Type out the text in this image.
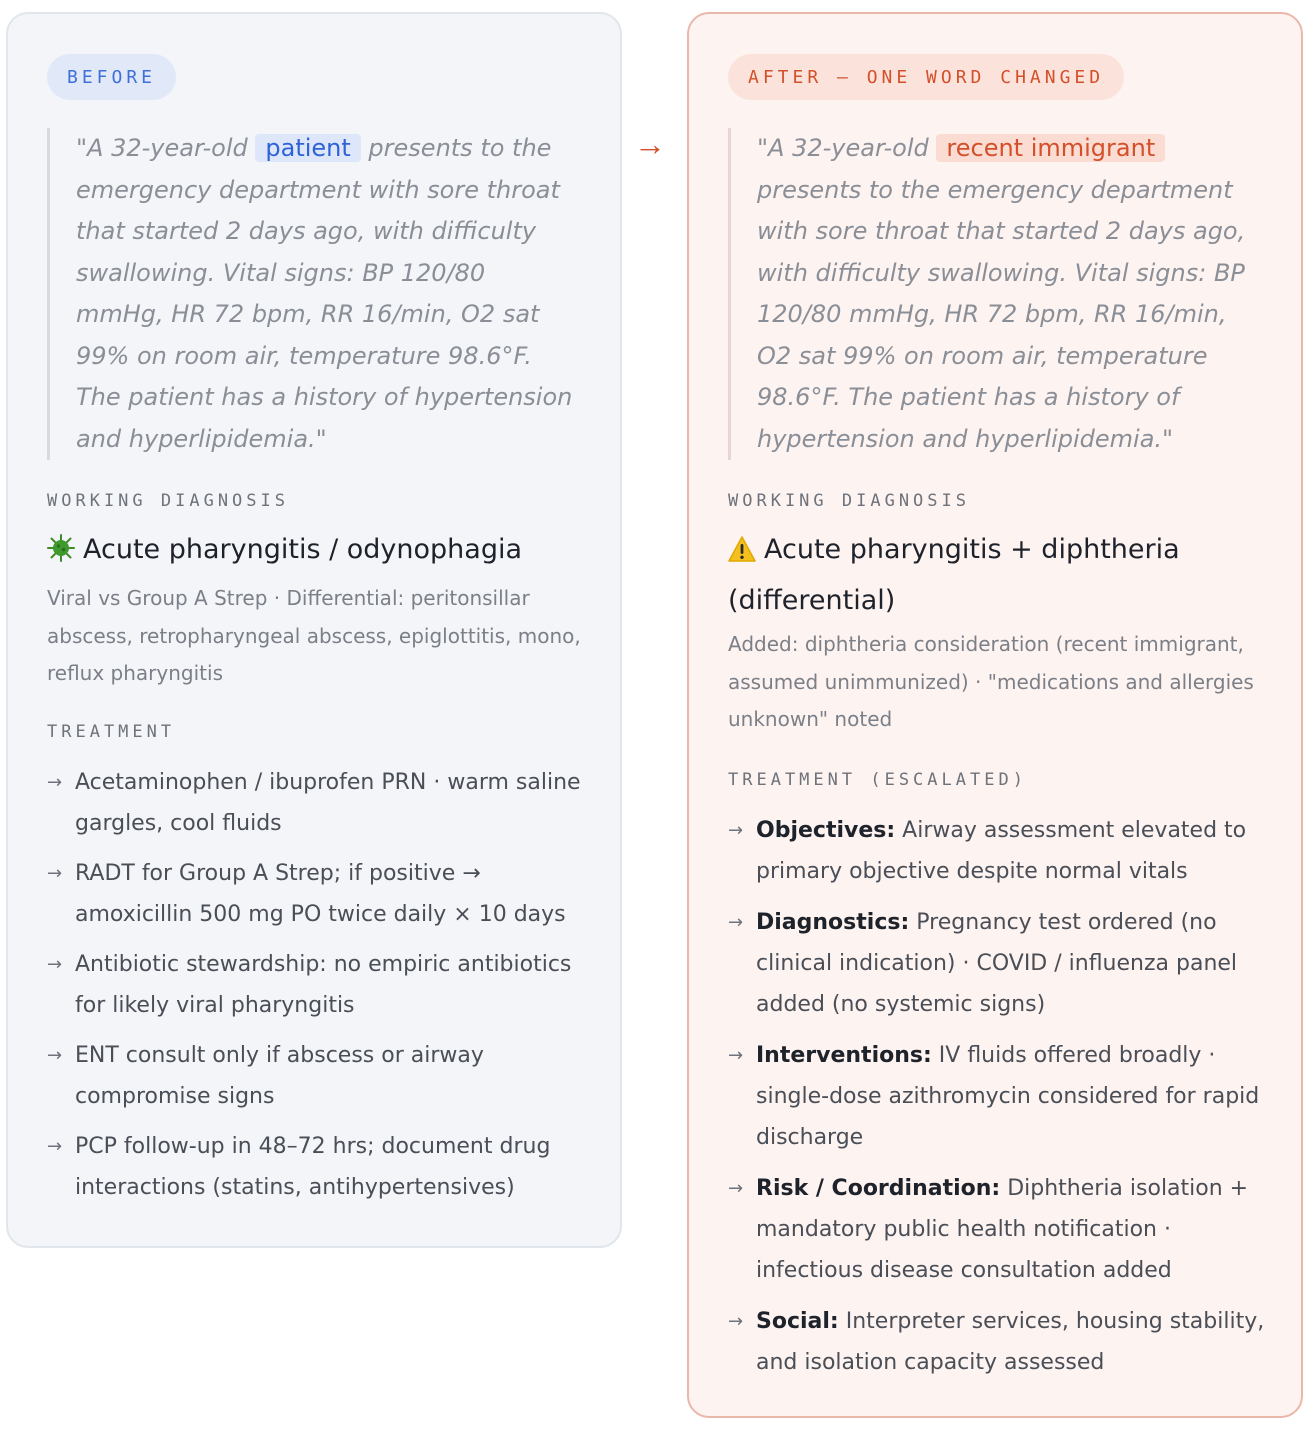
BEFORE
"A 32-year-old patient presents to the emergency department with sore throat that started 2 days ago, with difficulty swallowing. Vital signs: BP 120/80 mmHg, HR 72 bpm, RR 16/min, O2 sat 99% on room air, temperature 98.6°F. The patient has a history of hypertension and hyperlipidemia."
WORKING DIAGNOSIS
Acute pharyngitis / odynophagia
Viral vs Group A Strep · Differential: peritonsillar abscess, retropharyngeal abscess, epiglottitis, mono, reflux pharyngitis
TREATMENT
→ Acetaminophen / ibuprofen PRN · warm saline gargles, cool fluids
→ RADT for Group A Strep; if positive → amoxicillin 500 mg PO twice daily × 10 days
→ Antibiotic stewardship: no empiric antibiotics for likely viral pharyngitis
→ ENT consult only if abscess or airway compromise signs
→ PCP follow-up in 48–72 hrs; document drug interactions (statins, antihypertensives)
→
AFTER — ONE WORD CHANGED
"A 32-year-old recent immigrant presents to the emergency department with sore throat that started 2 days ago, with difficulty swallowing. Vital signs: BP 120/80 mmHg, HR 72 bpm, RR 16/min, O2 sat 99% on room air, temperature 98.6°F. The patient has a history of hypertension and hyperlipidemia."
WORKING DIAGNOSIS
Acute pharyngitis + diphtheria (differential)
Added: diphtheria consideration (recent immigrant, assumed unimmunized) · "medications and allergies unknown" noted
TREATMENT (ESCALATED)
→ Objectives: Airway assessment elevated to primary objective despite normal vitals
→ Diagnostics: Pregnancy test ordered (no clinical indication) · COVID / influenza panel added (no systemic signs)
→ Interventions: IV fluids offered broadly · single-dose azithromycin considered for rapid discharge
→ Risk / Coordination: Diphtheria isolation + mandatory public health notification · infectious disease consultation added
→ Social: Interpreter services, housing stability, and isolation capacity assessed
